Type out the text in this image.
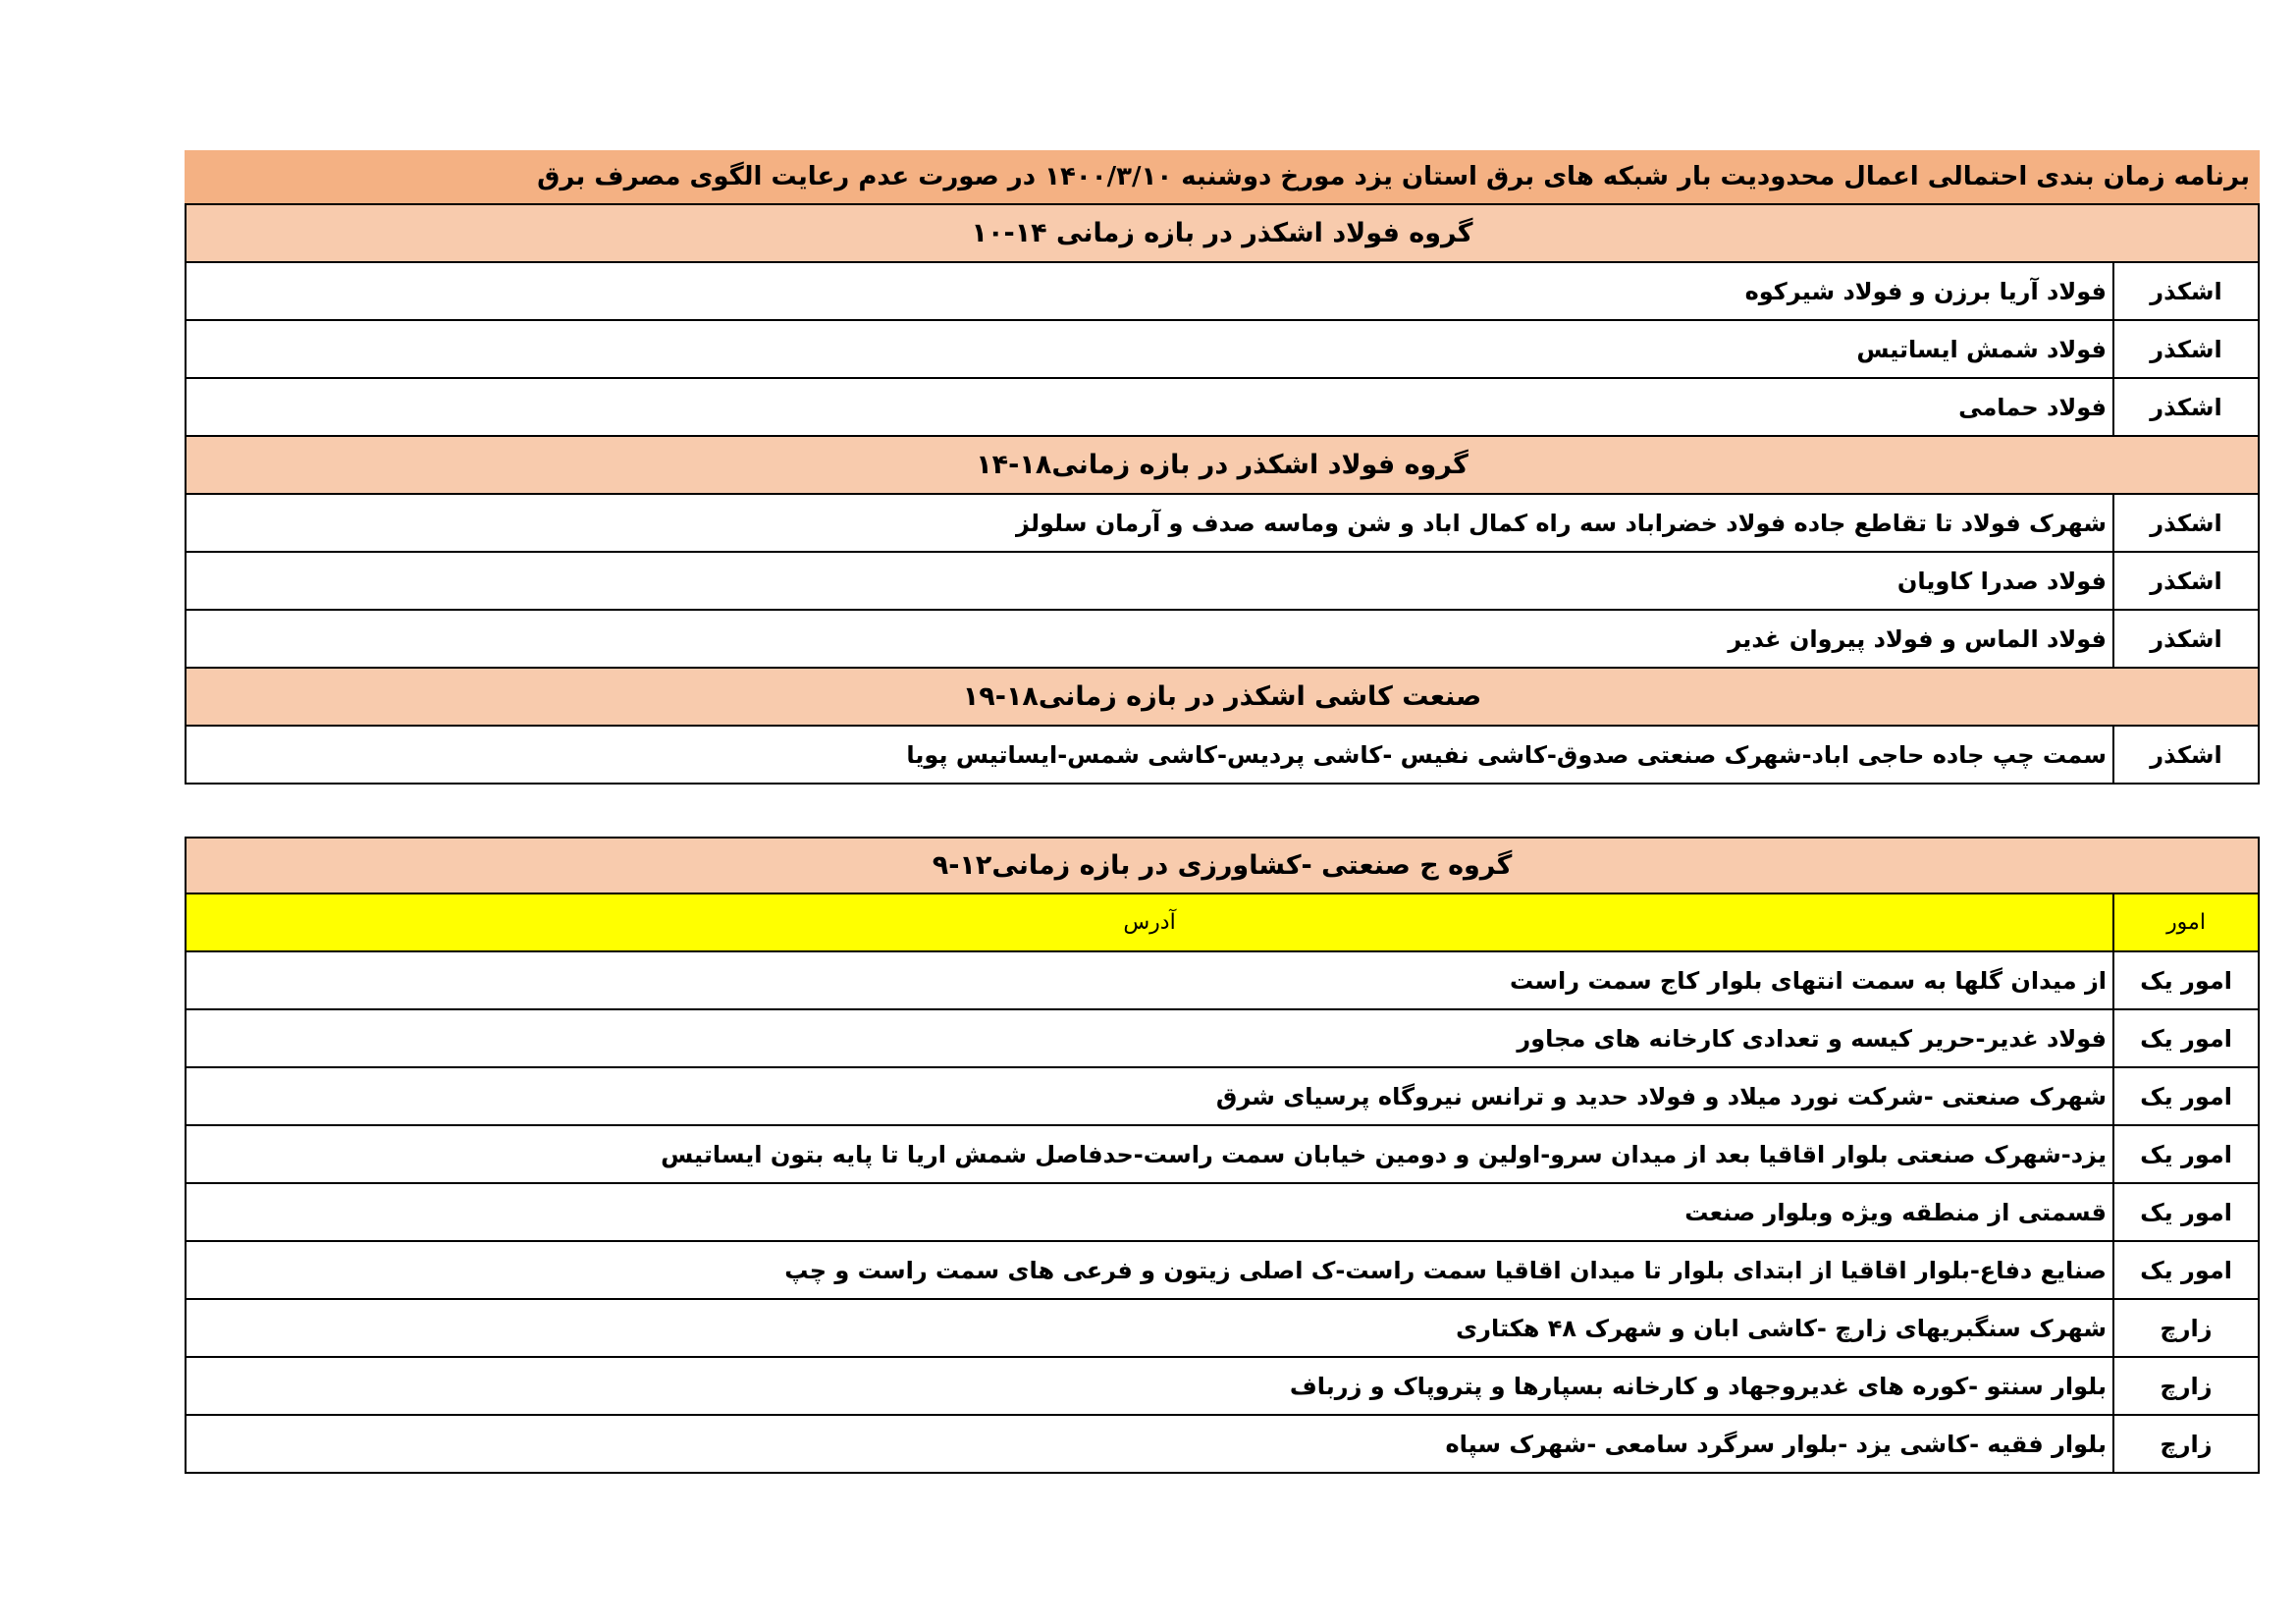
برنامه زمان بندی احتمالی اعمال محدودیت بار شبکه های برق استان یزد مورخ دوشنبه ۱۴۰۰/۳/۱۰ در صورت عدم رعایت الگوی مصرف برق
گروه فولاد اشکذر در بازه زمانی ۱۴-۱۰
اشکذر
فولاد آریا برزن و فولاد شیرکوه
اشکذر
فولاد شمش ایساتیس
اشکذر
فولاد حمامی
گروه فولاد اشکذر در بازه زمانی۱۸-۱۴
اشکذر
شهرک فولاد تا تقاطع جاده فولاد خضراباد سه راه کمال اباد و شن وماسه صدف و آرمان سلولز
اشکذر
فولاد صدرا کاویان
اشکذر
فولاد الماس و فولاد پیروان غدیر
صنعت کاشی اشکذر در بازه زمانی۱۸-۱۹
اشکذر
سمت چپ جاده حاجی اباد-شهرک صنعتی صدوق-کاشی نفیس -کاشی پردیس-کاشی شمس-ایساتیس پویا
گروه ج صنعتی -کشاورزی در بازه زمانی۱۲-۹
امور
آدرس
امور یک
از میدان گلها به سمت انتهای بلوار کاج سمت راست
امور یک
فولاد غدیر-حریر کیسه و تعدادی کارخانه های مجاور
امور یک
شهرک صنعتی -شرکت نورد میلاد و فولاد حدید و ترانس نیروگاه پرسیای شرق
امور یک
یزد-شهرک صنعتی بلوار اقاقیا بعد از میدان سرو-اولین و دومین خیابان سمت راست-حدفاصل شمش اریا تا پایه بتون ایساتیس
امور یک
قسمتی از منطقه ویژه وبلوار صنعت
امور یک
صنایع دفاع-بلوار اقاقیا از ابتدای بلوار تا میدان اقاقیا سمت راست-ک اصلی زیتون و فرعی های سمت راست و چپ
زارچ
شهرک سنگبریهای زارچ -کاشی ابان و شهرک ۴۸ هکتاری
زارچ
بلوار سنتو -کوره های غدیروجهاد و کارخانه بسپارها و پتروپاک و زرباف
زارچ
بلوار فقیه -کاشی یزد -بلوار سرگرد سامعی -شهرک سپاه
